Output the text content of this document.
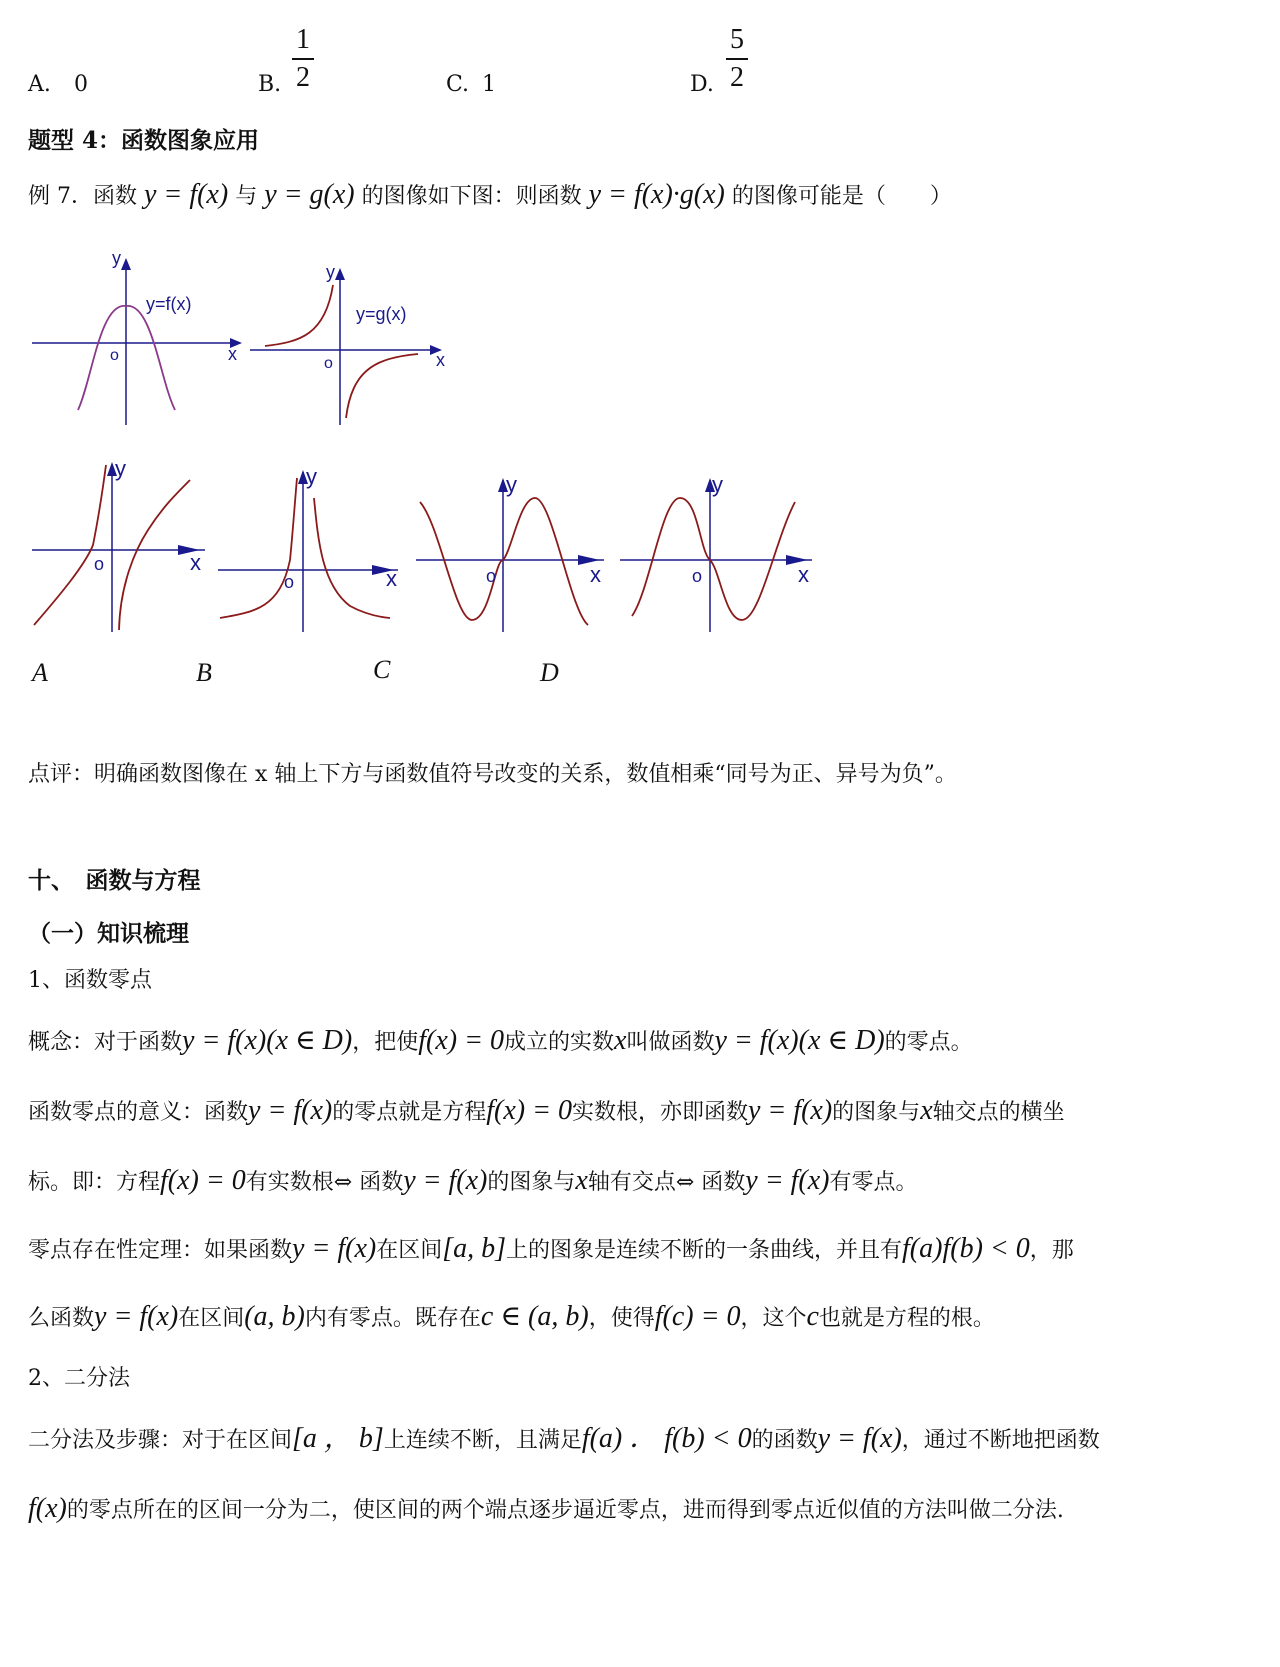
A. 0	B.
1
2	C. 1	D.
5
2
题型 4：函数图象应用
例 7．函数 y = f(x) 与 y = g(x) 的图像如下图：则函数 y = f(x)·g(x) 的图像可能是（　　）
y
x
o
y=f(x)
y
x
o
y=g(x)
y
x
o
y
x
o
y
x
o
y
x
o
A	B	C	D
点评：明确函数图像在 x 轴上下方与函数值符号改变的关系，数值相乘“同号为正、异号为负”。
十、　函数与方程
（一）知识梳理
1、函数零点
概念：对于函数y = f(x)(x ∈ D)，把使f(x) = 0成立的实数x叫做函数y = f(x)(x ∈ D)的零点。
函数零点的意义：函数y = f(x)的零点就是方程f(x) = 0实数根，亦即函数y = f(x)的图象与x轴交点的横坐
标。即：方程f(x) = 0有实数根⇔ 函数y = f(x)的图象与x轴有交点⇔ 函数y = f(x)有零点。
零点存在性定理：如果函数y = f(x)在区间[a, b]上的图象是连续不断的一条曲线，并且有f(a)f(b) < 0，那
么函数y = f(x)在区间(a, b)内有零点。既存在c ∈ (a, b)，使得f(c) = 0，这个c也就是方程的根。
2、二分法
二分法及步骤：对于在区间[a ， b]上连续不断，且满足f(a) ． f(b) < 0的函数y = f(x)，通过不断地把函数
f(x)的零点所在的区间一分为二，使区间的两个端点逐步逼近零点，进而得到零点近似值的方法叫做二分法.
